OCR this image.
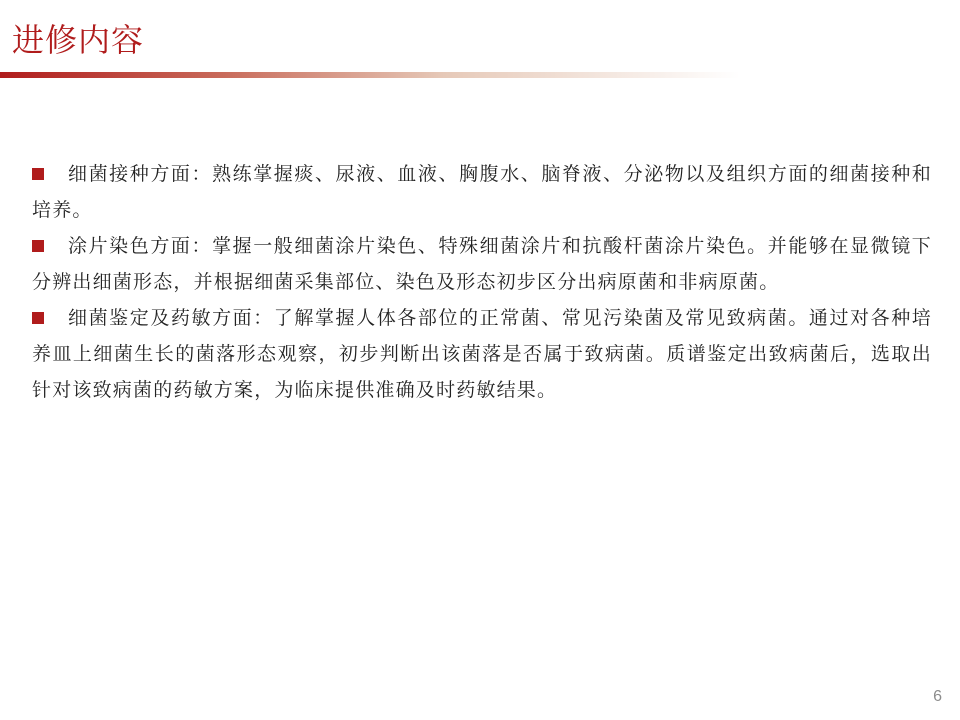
进修内容
细菌接种方面：熟练掌握痰、尿液、血液、胸腹水、脑脊液、分泌物以及组织方面的细菌接种和培养。
涂片染色方面：掌握一般细菌涂片染色、特殊细菌涂片和抗酸杆菌涂片染色。并能够在显微镜下分辨出细菌形态，并根据细菌采集部位、染色及形态初步区分出病原菌和非病原菌。
细菌鉴定及药敏方面：了解掌握人体各部位的正常菌、常见污染菌及常见致病菌。通过对各种培养皿上细菌生长的菌落形态观察，初步判断出该菌落是否属于致病菌。质谱鉴定出致病菌后，选取出针对该致病菌的药敏方案，为临床提供准确及时药敏结果。
6
